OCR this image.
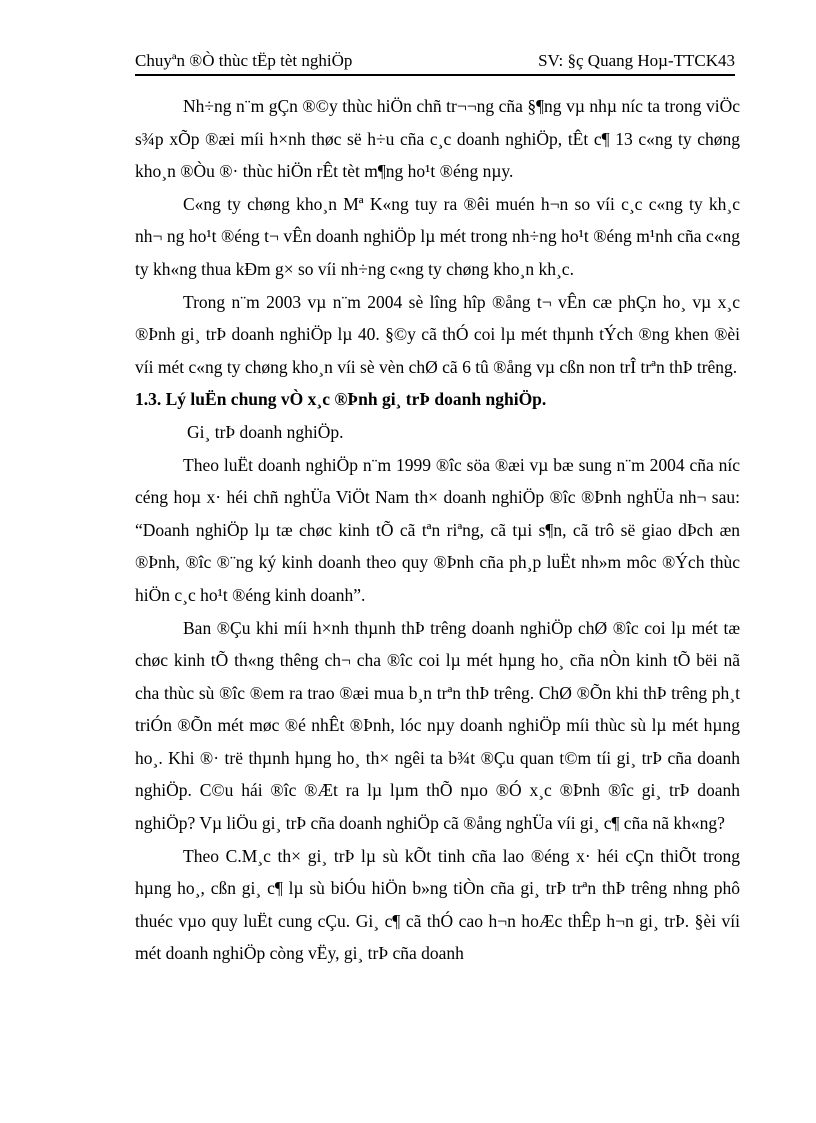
Chuyªn ®Ò thùc tËp tèt nghiÖp	SV: §ç Quang Hoµ-TTCK43

Nh÷ng n¨m gÇn ®©y thùc hiÖn chñ tr¬¬ng cña §¶ng vµ nhµ níc ta trong viÖc s¾p xÕp ®æi míi h×nh thøc së h÷u cña c¸c doanh nghiÖp, tÊt c¶ 13 c«ng ty chøng kho¸n ®Òu ®· thùc hiÖn rÊt tèt m¶ng ho¹t ®éng nµy.

C«ng ty chøng kho¸n Mª K«ng tuy ra ®êi muén h¬n so víi c¸c c«ng ty kh¸c nh¬ ng ho¹t ®éng t¬ vÊn doanh nghiÖp lµ mét trong nh÷ng ho¹t ®éng m¹nh cña c«ng ty kh«ng thua kÐm g× so víi nh÷ng c«ng ty chøng kho¸n kh¸c.

Trong n¨m 2003 vµ n¨m 2004 sè lîng hîp ®ång t¬ vÊn cæ phÇn ho¸ vµ x¸c ®Þnh gi¸ trÞ doanh nghiÖp lµ 40. §©y cã thÓ coi lµ mét thµnh tÝch ®ng khen ®èi víi mét c«ng ty chøng kho¸n víi sè vèn chØ cã 6 tû ®ång vµ cßn non trÎ trªn thÞ trêng.

1.3. Lý luËn chung vÒ x¸c ®Þnh gi¸ trÞ doanh nghiÖp.

Gi¸ trÞ doanh nghiÖp.

Theo luËt doanh nghiÖp n¨m 1999 ®îc söa ®æi vµ bæ sung n¨m 2004 cña níc céng hoµ x· héi chñ nghÜa ViÖt Nam th× doanh nghiÖp ®îc ®Þnh nghÜa nh¬ sau: “Doanh nghiÖp lµ tæ chøc kinh tÕ cã tªn riªng, cã tµi s¶n, cã trô së giao dÞch æn ®Þnh, ®îc ®¨ng ký kinh doanh theo quy ®Þnh cña ph¸p luËt nh»m môc ®Ých thùc hiÖn c¸c ho¹t ®éng kinh doanh”.

Ban ®Çu khi míi h×nh thµnh thÞ trêng doanh nghiÖp chØ ®îc coi lµ mét tæ chøc kinh tÕ th«ng thêng ch¬ cha ®îc coi lµ mét hµng ho¸ cña nÒn kinh tÕ bëi nã cha thùc sù ®îc ®em ra trao ®æi mua b¸n trªn thÞ trêng. ChØ ®Õn khi thÞ trêng ph¸t triÓn ®Õn mét møc ®é nhÊt ®Þnh, lóc nµy doanh nghiÖp míi thùc sù lµ mét hµng ho¸. Khi ®· trë thµnh hµng ho¸ th× ngêi ta b¾t ®Çu quan t©m tíi gi¸ trÞ cña doanh nghiÖp. C©u hái ®îc ®Æt ra lµ lµm thÕ nµo ®Ó x¸c ®Þnh ®îc gi¸ trÞ doanh nghiÖp? Vµ liÖu gi¸ trÞ cña doanh nghiÖp cã ®ång nghÜa víi gi¸ c¶ cña nã kh«ng?

Theo C.M¸c th× gi¸ trÞ lµ sù kÕt tinh cña lao ®éng x· héi cÇn thiÕt trong hµng ho¸, cßn gi¸ c¶ lµ sù biÓu hiÖn b»ng tiÒn cña gi¸ trÞ trªn thÞ trêng nhng phô thuéc vµo quy luËt cung cÇu. Gi¸ c¶ cã thÓ cao h¬n hoÆc thÊp h¬n gi¸ trÞ. §èi víi mét doanh nghiÖp còng vËy, gi¸ trÞ cña doanh
